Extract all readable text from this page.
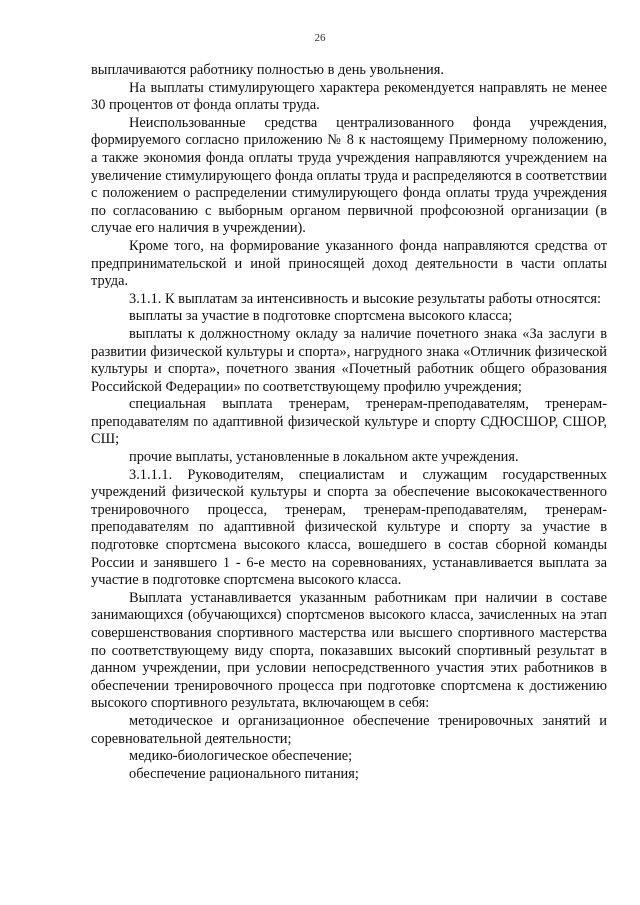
26

выплачиваются работнику полностью в день увольнения.

На выплаты стимулирующего характера рекомендуется направлять не менее 30 процентов от фонда оплаты труда.

Неиспользованные средства централизованного фонда учреждения, формируемого согласно приложению № 8 к настоящему Примерному положению, а также экономия фонда оплаты труда учреждения направляются учреждением на увеличение стимулирующего фонда оплаты труда и распределяются в соответствии с положением о распределении стимулирующего фонда оплаты труда учреждения по согласованию с выборным органом первичной профсоюзной организации (в случае его наличия в учреждении).

Кроме того, на формирование указанного фонда направляются средства от предпринимательской и иной приносящей доход деятельности в части оплаты труда.

3.1.1. К выплатам за интенсивность и высокие результаты работы относятся:

выплаты за участие в подготовке спортсмена высокого класса;

выплаты к должностному окладу за наличие почетного знака «За заслуги в развитии физической культуры и спорта», нагрудного знака «Отличник физической культуры и спорта», почетного звания «Почетный работник общего образования Российской Федерации» по соответствующему профилю учреждения;

специальная выплата тренерам, тренерам-преподавателям, тренерам-преподавателям по адаптивной физической культуре и спорту СДЮСШОР, СШОР, СШ;

прочие выплаты, установленные в локальном акте учреждения.

3.1.1.1. Руководителям, специалистам и служащим государственных учреждений физической культуры и спорта за обеспечение высококачественного тренировочного процесса, тренерам, тренерам-преподавателям, тренерам-преподавателям по адаптивной физической культуре и спорту за участие в подготовке спортсмена высокого класса, вошедшего в состав сборной команды России и занявшего 1 - 6-е место на соревнованиях, устанавливается выплата за участие в подготовке спортсмена высокого класса.

Выплата устанавливается указанным работникам при наличии в составе занимающихся (обучающихся) спортсменов высокого класса, зачисленных на этап совершенствования спортивного мастерства или высшего спортивного мастерства по соответствующему виду спорта, показавших высокий спортивный результат в данном учреждении, при условии непосредственного участия этих работников в обеспечении тренировочного процесса при подготовке спортсмена к достижению высокого спортивного результата, включающем в себя:

методическое и организационное обеспечение тренировочных занятий и соревновательной деятельности;

медико-биологическое обеспечение;

обеспечение рационального питания;
